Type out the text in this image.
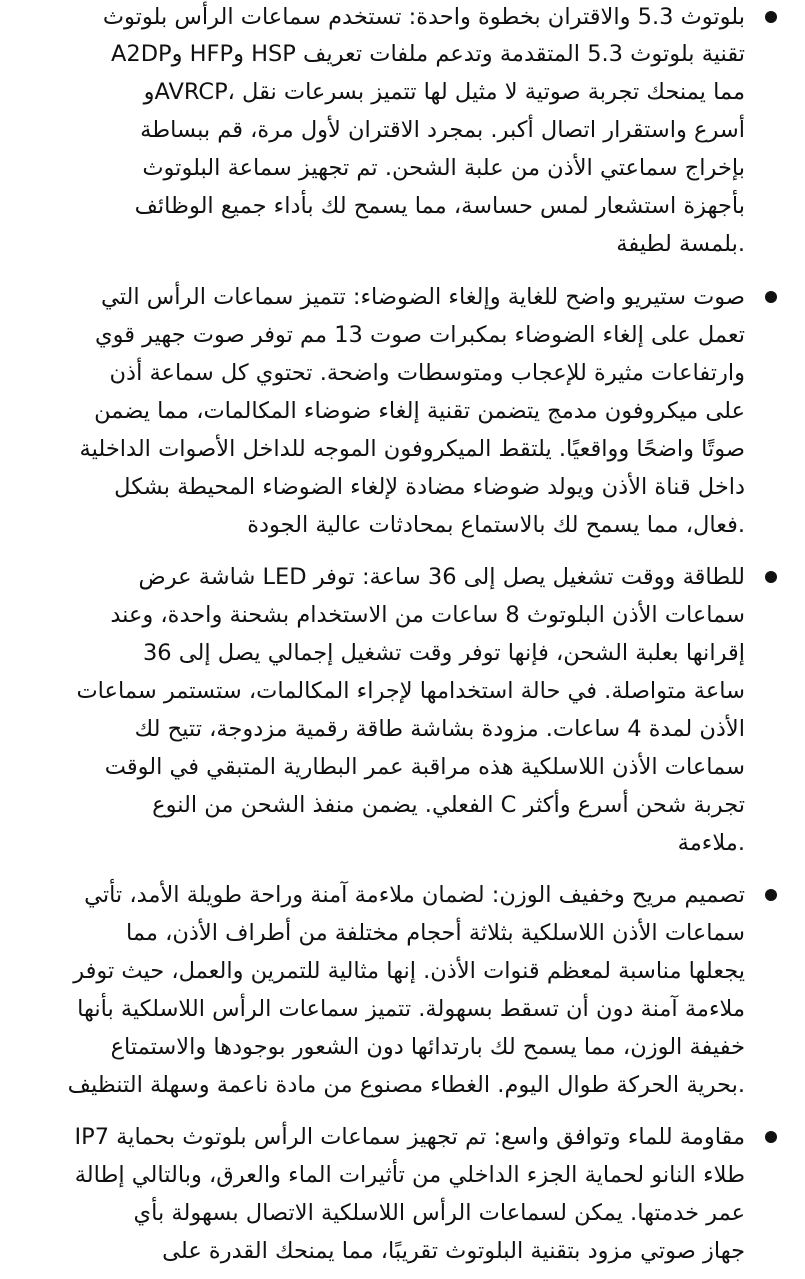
بلوتوث 5.3 والاقتران بخطوة واحدة: تستخدم سماعات الرأس بلوتوث
A2DPو HFPو HSP تقنية بلوتوث 5.3 المتقدمة وتدعم ملفات تعريف
مما يمنحك تجربة صوتية لا مثيل لها تتميز بسرعات نقل ،AVRCPو
أسرع واستقرار اتصال أكبر. بمجرد الاقتران لأول مرة، قم ببساطة
بإخراج سماعتي الأذن من علبة الشحن. تم تجهيز سماعة البلوتوث
بأجهزة استشعار لمس حساسة، مما يسمح لك بأداء جميع الوظائف
.بلمسة لطيفة
صوت ستيريو واضح للغاية وإلغاء الضوضاء: تتميز سماعات الرأس التي
تعمل على إلغاء الضوضاء بمكبرات صوت 13 مم توفر صوت جهير قوي
وارتفاعات مثيرة للإعجاب ومتوسطات واضحة. تحتوي كل سماعة أذن
على ميكروفون مدمج يتضمن تقنية إلغاء ضوضاء المكالمات، مما يضمن
صوتًا واضحًا وواقعيًا. يلتقط الميكروفون الموجه للداخل الأصوات الداخلية
داخل قناة الأذن ويولد ضوضاء مضادة لإلغاء الضوضاء المحيطة بشكل
.فعال، مما يسمح لك بالاستماع بمحادثات عالية الجودة
للطاقة ووقت تشغيل يصل إلى 36 ساعة: توفر LED شاشة عرض
سماعات الأذن البلوتوث 8 ساعات من الاستخدام بشحنة واحدة، وعند
إقرانها بعلبة الشحن، فإنها توفر وقت تشغيل إجمالي يصل إلى 36
ساعة متواصلة. في حالة استخدامها لإجراء المكالمات، ستستمر سماعات
الأذن لمدة 4 ساعات. مزودة بشاشة طاقة رقمية مزدوجة، تتيح لك
سماعات الأذن اللاسلكية هذه مراقبة عمر البطارية المتبقي في الوقت
تجربة شحن أسرع وأكثر C الفعلي. يضمن منفذ الشحن من النوع
.ملاءمة
تصميم مريح وخفيف الوزن: لضمان ملاءمة آمنة وراحة طويلة الأمد، تأتي
سماعات الأذن اللاسلكية بثلاثة أحجام مختلفة من أطراف الأذن، مما
يجعلها مناسبة لمعظم قنوات الأذن. إنها مثالية للتمرين والعمل، حيث توفر
ملاءمة آمنة دون أن تسقط بسهولة. تتميز سماعات الرأس اللاسلكية بأنها
خفيفة الوزن، مما يسمح لك بارتدائها دون الشعور بوجودها والاستمتاع
.بحرية الحركة طوال اليوم. الغطاء مصنوع من مادة ناعمة وسهلة التنظيف
مقاومة للماء وتوافق واسع: تم تجهيز سماعات الرأس بلوتوث بحماية IP7
طلاء النانو لحماية الجزء الداخلي من تأثيرات الماء والعرق، وبالتالي إطالة
عمر خدمتها. يمكن لسماعات الرأس اللاسلكية الاتصال بسهولة بأي
جهاز صوتي مزود بتقنية البلوتوث تقريبًا، مما يمنحك القدرة على
